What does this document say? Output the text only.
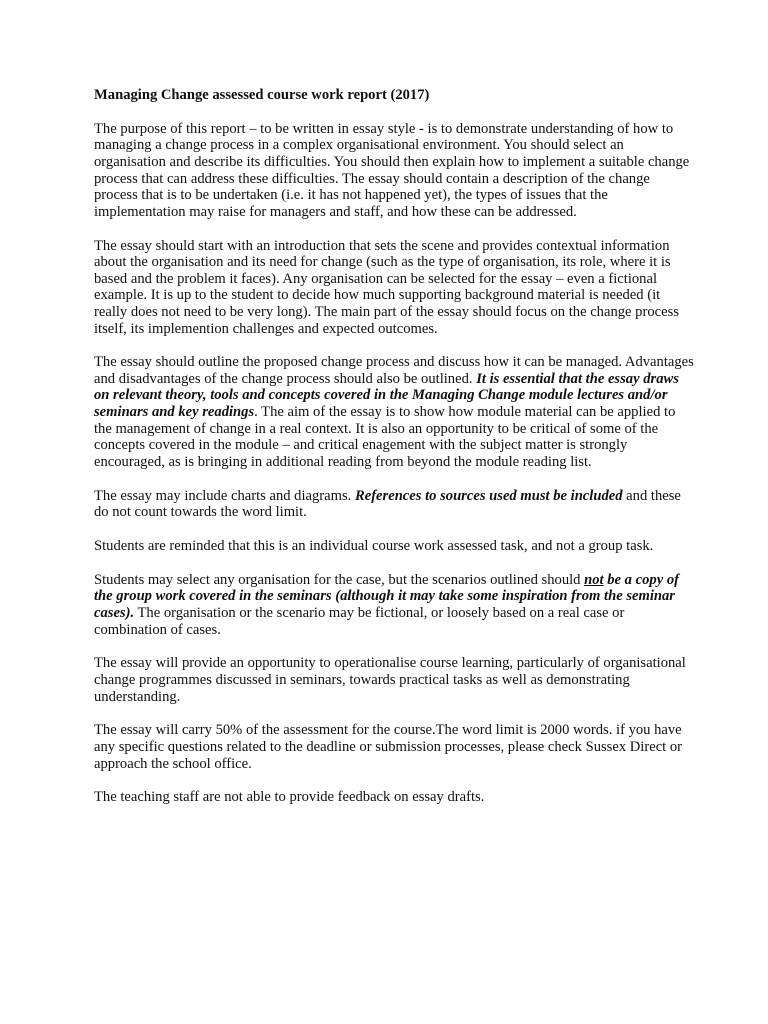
Managing Change assessed course work report (2017)

The purpose of this report – to be written in essay style - is to demonstrate understanding of how to managing a change process in a complex organisational environment. You should select an organisation and describe its difficulties. You should then explain how to implement a suitable change process that can address these difficulties. The essay should contain a description of the change process that is to be undertaken (i.e. it has not happened yet), the types of issues that the implementation may raise for managers and staff, and how these can be addressed.

The essay should start with an introduction that sets the scene and provides contextual information about the organisation and its need for change (such as the type of organisation, its role, where it is based and the problem it faces). Any organisation can be selected for the essay – even a fictional example. It is up to the student to decide how much supporting background material is needed (it really does not need to be very long). The main part of the essay should focus on the change process itself, its implemention challenges and expected outcomes.

The essay should outline the proposed change process and discuss how it can be managed. Advantages and disadvantages of the change process should also be outlined. It is essential that the essay draws on relevant theory, tools and concepts covered in the Managing Change module lectures and/or seminars and key readings. The aim of the essay is to show how module material can be applied to the management of change in a real context. It is also an opportunity to be critical of some of the concepts covered in the module – and critical enagement with the subject matter is strongly encouraged, as is bringing in additional reading from beyond the module reading list.

The essay may include charts and diagrams. References to sources used must be included and these do not count towards the word limit.

Students are reminded that this is an individual course work assessed task, and not a group task.

Students may select any organisation for the case, but the scenarios outlined should not be a copy of the group work covered in the seminars (although it may take some inspiration from the seminar cases). The organisation or the scenario may be fictional, or loosely based on a real case or combination of cases.

The essay will provide an opportunity to operationalise course learning, particularly of organisational change programmes discussed in seminars, towards practical tasks as well as demonstrating understanding.

The essay will carry 50% of the assessment for the course.The word limit is 2000 words. if you have any specific questions related to the deadline or submission processes, please check Sussex Direct or approach the school office.

The teaching staff are not able to provide feedback on essay drafts.
